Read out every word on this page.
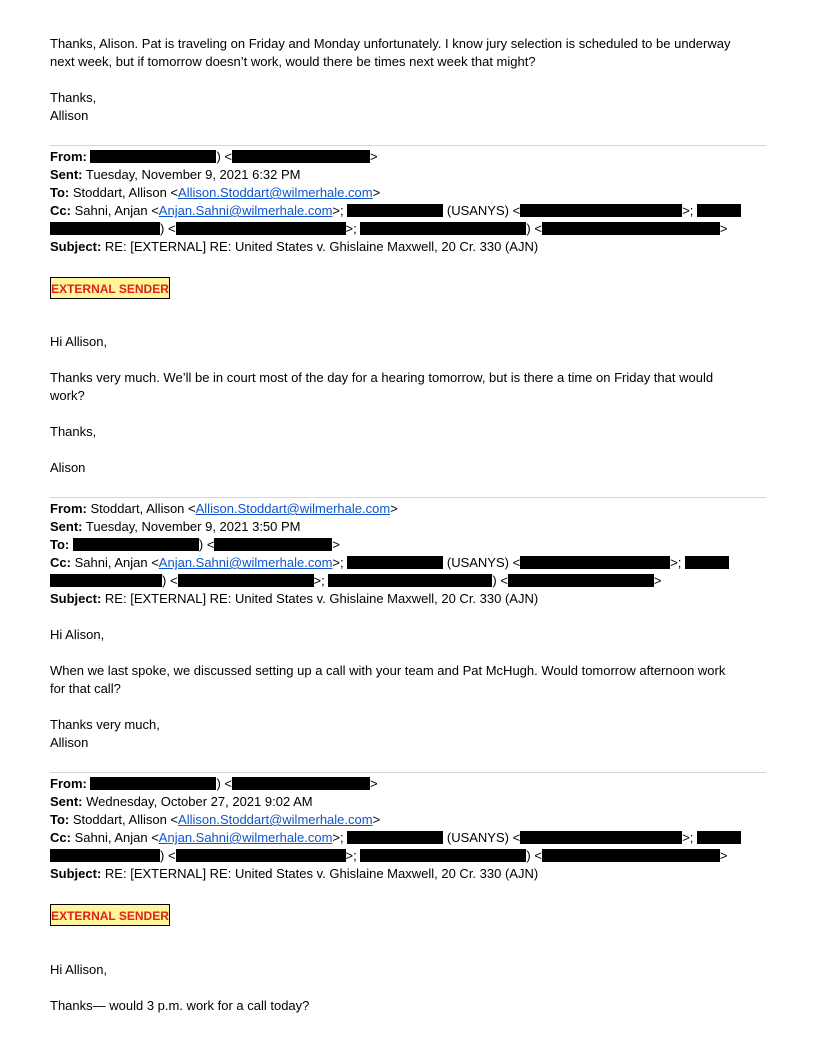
Thanks, Alison. Pat is traveling on Friday and Monday unfortunately. I know jury selection is scheduled to be underway
next week, but if tomorrow doesn’t work, would there be times next week that might?
Thanks,
Allison
From:	) <	>
Sent: Tuesday, November 9, 2021 6:32 PM
To: Stoddart, Allison <Allison.Stoddart@wilmerhale.com>
Cc: Sahni, Anjan <Anjan.Sahni@wilmerhale.com>;	(USANYS) <	>;
) <	>;	) <	>
Subject: RE: [EXTERNAL] RE: United States v. Ghislaine Maxwell, 20 Cr. 330 (AJN)
EXTERNAL SENDER
Hi Allison,
Thanks very much. We’ll be in court most of the day for a hearing tomorrow, but is there a time on Friday that would
work?
Thanks,
Alison
From: Stoddart, Allison <Allison.Stoddart@wilmerhale.com>
Sent: Tuesday, November 9, 2021 3:50 PM
To:	) <	>
Cc: Sahni, Anjan <Anjan.Sahni@wilmerhale.com>;	(USANYS) <	>;
) <	>;	) <	>
Subject: RE: [EXTERNAL] RE: United States v. Ghislaine Maxwell, 20 Cr. 330 (AJN)
Hi Alison,
When we last spoke, we discussed setting up a call with your team and Pat McHugh. Would tomorrow afternoon work
for that call?
Thanks very much,
Allison
From:	) <	>
Sent: Wednesday, October 27, 2021 9:02 AM
To: Stoddart, Allison <Allison.Stoddart@wilmerhale.com>
Cc: Sahni, Anjan <Anjan.Sahni@wilmerhale.com>;	(USANYS) <	>;
) <	>;	) <	>
Subject: RE: [EXTERNAL] RE: United States v. Ghislaine Maxwell, 20 Cr. 330 (AJN)
EXTERNAL SENDER
Hi Allison,
Thanks— would 3 p.m. work for a call today?
